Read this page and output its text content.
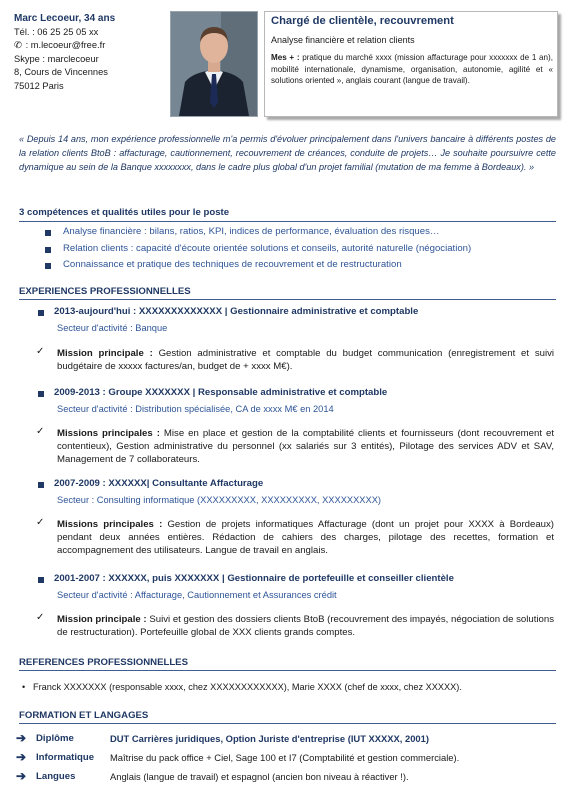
Marc Lecoeur, 34 ans
Tél. : 06 25 25 05 xx
✆ : m.lecoeur@free.fr
Skype : marclecoeur
8, Cours de Vincennes
75012 Paris
Chargé de clientèle, recouvrement
Analyse financière et relation clients
Mes + : pratique du marché xxxx (mission affacturage pour xxxxxxx de 1 an), mobilité internationale, dynamisme, organisation, autonomie, agilité et « solutions oriented », anglais courant (langue de travail).
« Depuis 14 ans, mon expérience professionnelle m'a permis d'évoluer principalement dans l'univers bancaire à différents postes de la relation clients BtoB : affacturage, cautionnement, recouvrement de créances, conduite de projets… Je souhaite poursuivre cette dynamique au sein de la Banque xxxxxxxx, dans le cadre plus global d'un projet familial (mutation de ma femme à Bordeaux). »
3 compétences et qualités utiles pour le poste
Analyse financière : bilans, ratios, KPI, indices de performance, évaluation des risques…
Relation clients : capacité d'écoute orientée solutions et conseils, autorité naturelle (négociation)
Connaissance et pratique des techniques de recouvrement et de restructuration
EXPERIENCES PROFESSIONNELLES
2013-aujourd'hui : XXXXXXXXXXXXX | Gestionnaire administrative et comptable
Secteur d'activité : Banque
✓ Mission principale : Gestion administrative et comptable du budget communication (enregistrement et suivi budgétaire de xxxxx factures/an, budget de + xxxx M€).
2009-2013 : Groupe XXXXXXX | Responsable administrative et comptable
Secteur d'activité : Distribution spécialisée, CA de xxxx M€ en 2014
✓ Missions principales : Mise en place et gestion de la comptabilité clients et fournisseurs (dont recouvrement et contentieux), Gestion administrative du personnel (xx salariés sur 3 entités), Pilotage des services ADV et SAV, Management de 7 collaborateurs.
2007-2009 : XXXXXX| Consultante Affacturage
Secteur : Consulting informatique (XXXXXXXXX, XXXXXXXXX, XXXXXXXXX)
✓ Missions principales : Gestion de projets informatiques Affacturage (dont un projet pour XXXX à Bordeaux) pendant deux années entières. Rédaction de cahiers des charges, pilotage des recettes, formation et accompagnement des utilisateurs. Langue de travail en anglais.
2001-2007 : XXXXXX, puis XXXXXXX | Gestionnaire de portefeuille et conseiller clientèle
Secteur d'activité : Affacturage, Cautionnement et Assurances crédit
✓ Mission principale : Suivi et gestion des dossiers clients BtoB (recouvrement des impayés, négociation de solutions de restructuration). Portefeuille global de XXX clients grands comptes.
REFERENCES PROFESSIONNELLES
• Franck XXXXXXX (responsable xxxx, chez XXXXXXXXXXXX), Marie XXXX (chef de xxxx, chez XXXXX).
FORMATION ET LANGAGES
➔ Diplôme	DUT Carrières juridiques, Option Juriste d'entreprise (IUT XXXXX, 2001)
➔ Informatique Maîtrise du pack office + Ciel, Sage 100 et I7 (Comptabilité et gestion commerciale).
➔ Langues	Anglais (langue de travail) et espagnol (ancien bon niveau à réactiver !).
